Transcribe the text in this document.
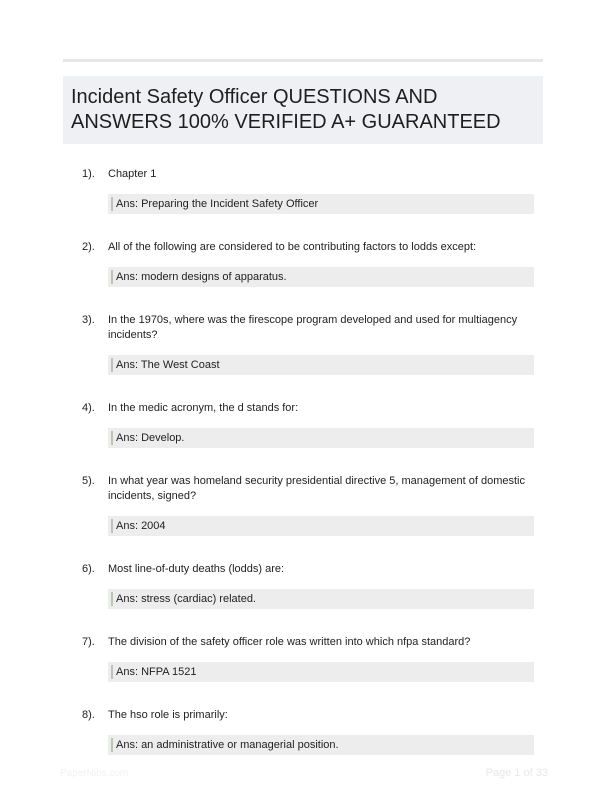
Incident Safety Officer QUESTIONS AND ANSWERS 100% VERIFIED A+ GUARANTEED
1). Chapter 1
Ans: Preparing the Incident Safety Officer
2). All of the following are considered to be contributing factors to lodds except:
Ans: modern designs of apparatus.
3). In the 1970s, where was the firescope program developed and used for multiagency incidents?
Ans: The West Coast
4). In the medic acronym, the d stands for:
Ans: Develop.
5). In what year was homeland security presidential directive 5, management of domestic incidents, signed?
Ans: 2004
6). Most line-of-duty deaths (lodds) are:
Ans: stress (cardiac) related.
7). The division of the safety officer role was written into which nfpa standard?
Ans: NFPA 1521
8). The hso role is primarily:
Ans: an administrative or managerial position.
PaperNibs.com	Page 1 of 33
